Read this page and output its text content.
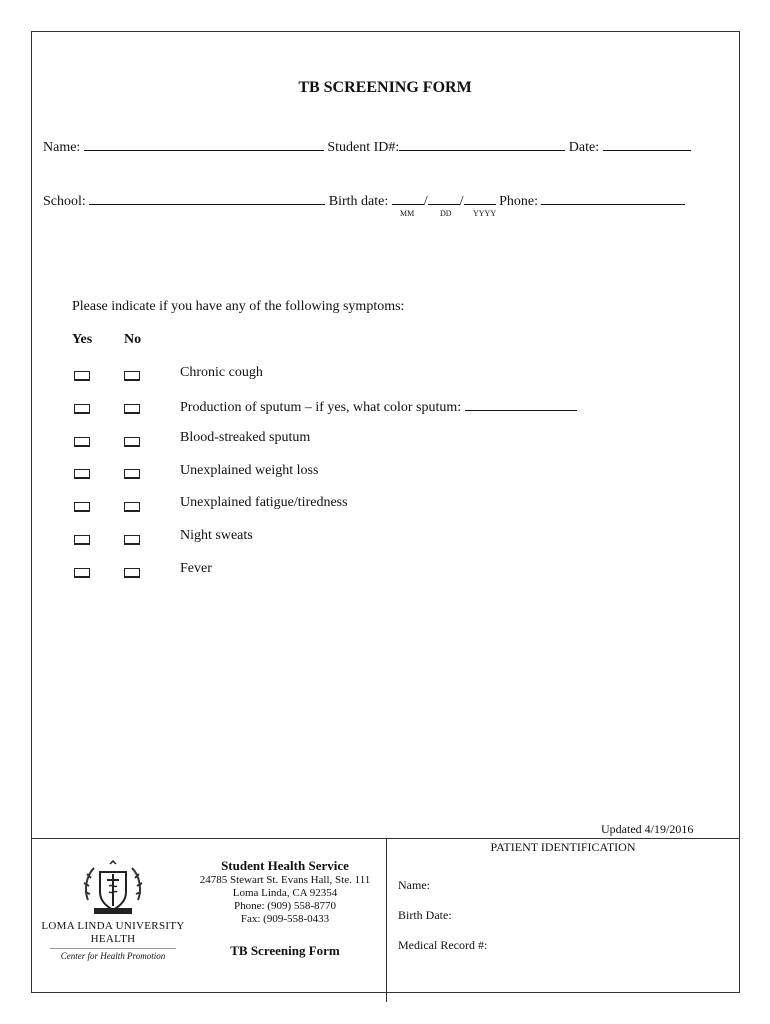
TB SCREENING FORM
Name:	Student ID#:	Date:
School:	Birth date:	/ /	Phone:
MM	DD	YYYY
Please indicate if you have any of the following symptoms:
Yes No
Chronic cough
Production of sputum – if yes, what color sputum:
Blood-streaked sputum
Unexplained weight loss
Unexplained fatigue/tiredness
Night sweats
Fever
Updated 4/19/2016
LOMA LINDA UNIVERSITY
HEALTH
Center for Health Promotion
Student Health Service
24785 Stewart St. Evans Hall, Ste. 111
Loma Linda, CA 92354
Phone: (909) 558-8770
Fax: (909-558-0433
TB Screening Form
PATIENT IDENTIFICATION
Name:
Birth Date:
Medical Record #:
